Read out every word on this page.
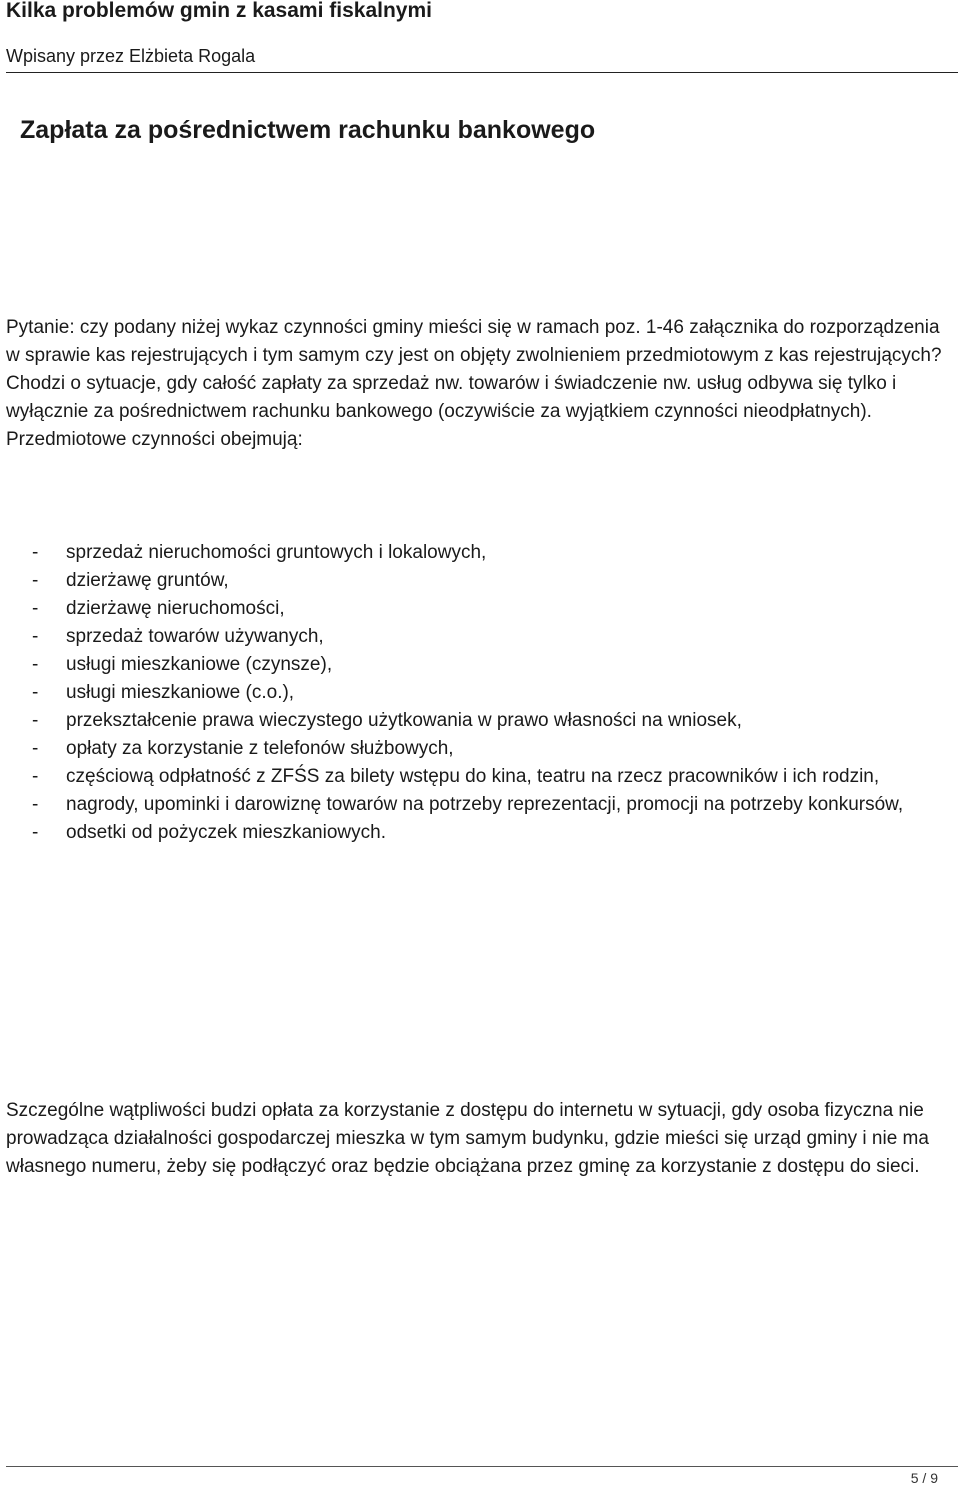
Kilka problemów gmin z kasami fiskalnymi
Wpisany przez Elżbieta Rogala
Zapłata za pośrednictwem rachunku bankowego

Pytanie: czy podany niżej wykaz czynności gminy mieści się w ramach poz. 1-46 załącznika do rozporządzenia w sprawie kas rejestrujących i tym samym czy jest on objęty zwolnieniem przedmiotowym z kas rejestrujących? Chodzi o sytuacje, gdy całość zapłaty za sprzedaż nw. towarów i świadczenie nw. usług odbywa się tylko i wyłącznie za pośrednictwem rachunku bankowego (oczywiście za wyjątkiem czynności nieodpłatnych). Przedmiotowe czynności obejmują:

- sprzedaż nieruchomości gruntowych i lokalowych,
- dzierżawę gruntów,
- dzierżawę nieruchomości,
- sprzedaż towarów używanych,
- usługi mieszkaniowe (czynsze),
- usługi mieszkaniowe (c.o.),
- przekształcenie prawa wieczystego użytkowania w prawo własności na wniosek,
- opłaty za korzystanie z telefonów służbowych,
- częściową odpłatność z ZFŚS za bilety wstępu do kina, teatru na rzecz pracowników i ich rodzin,
- nagrody, upominki i darowiznę towarów na potrzeby reprezentacji, promocji na potrzeby konkursów,
- odsetki od pożyczek mieszkaniowych.

Szczególne wątpliwości budzi opłata za korzystanie z dostępu do internetu w sytuacji, gdy osoba fizyczna nie prowadząca działalności gospodarczej mieszka w tym samym budynku, gdzie mieści się urząd gminy i nie ma własnego numeru, żeby się podłączyć oraz będzie obciążana przez gminę za korzystanie z dostępu do sieci.

5 / 9
